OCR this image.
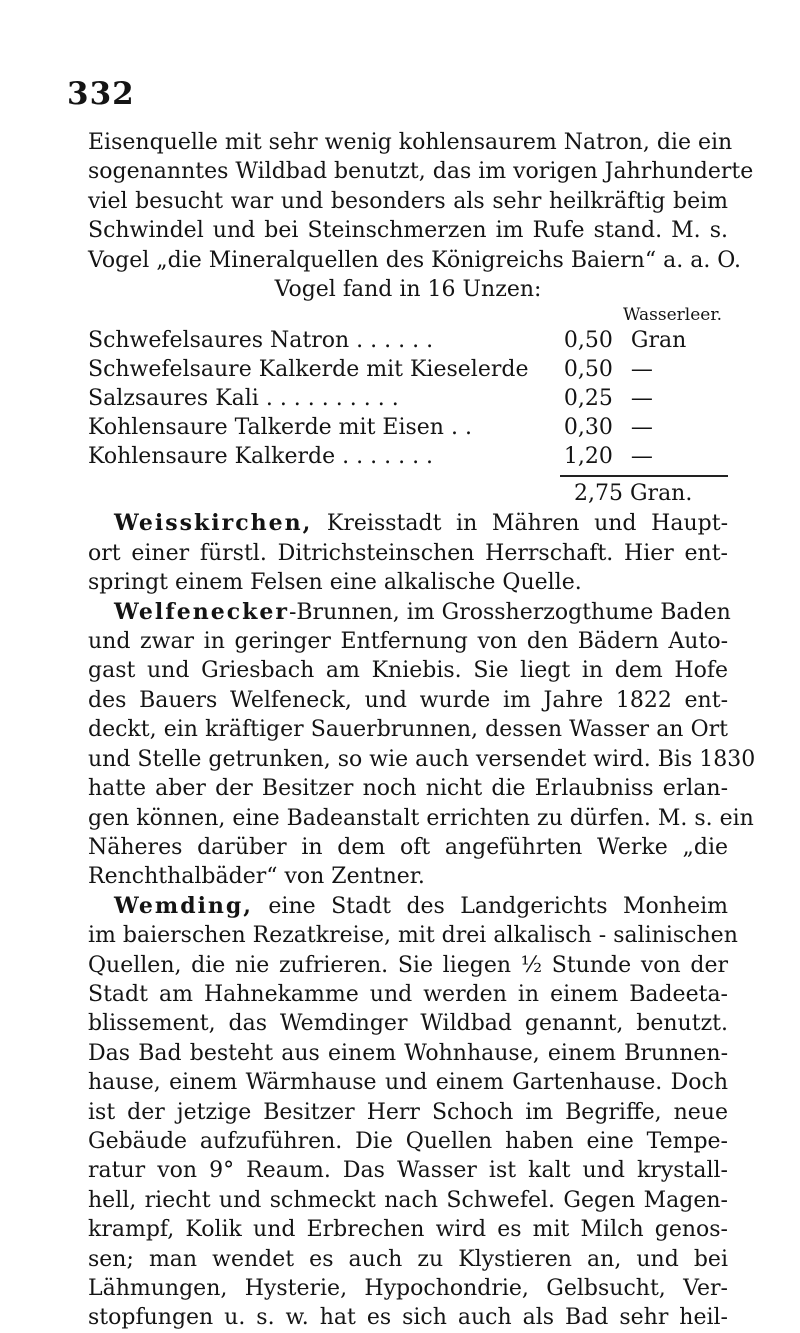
332
Eisenquelle mit sehr wenig kohlensaurem Natron, die ein
sogenanntes Wildbad benutzt, das im vorigen Jahrhunderte
viel besucht war und besonders als sehr heilkräftig beim
Schwindel und bei Steinschmerzen im Rufe stand. M. s.
Vogel „die Mineralquellen des Königreichs Baiern“ a. a. O.
Vogel fand in 16 Unzen:
Wasserleer.
Schwefelsaures Natron . . . . . .	0,50	Gran
Schwefelsaure Kalkerde mit Kieselerde	0,50	—
Salzsaures Kali . . . . . . . . . .	0,25	—
Kohlensaure Talkerde mit Eisen . .	0,30	—
Kohlensaure Kalkerde . . . . . . .	1,20	—
2,75 Gran.
Weisskirchen, Kreisstadt in Mähren und Haupt-
ort einer fürstl. Ditrichsteinschen Herrschaft. Hier ent-
springt einem Felsen eine alkalische Quelle.
Welfenecker-Brunnen, im Grossherzogthume Baden
und zwar in geringer Entfernung von den Bädern Auto-
gast und Griesbach am Kniebis. Sie liegt in dem Hofe
des Bauers Welfeneck, und wurde im Jahre 1822 ent-
deckt, ein kräftiger Sauerbrunnen, dessen Wasser an Ort
und Stelle getrunken, so wie auch versendet wird. Bis 1830
hatte aber der Besitzer noch nicht die Erlaubniss erlan-
gen können, eine Badeanstalt errichten zu dürfen. M. s. ein
Näheres darüber in dem oft angeführten Werke „die
Renchthalbäder“ von Zentner.
Wemding, eine Stadt des Landgerichts Monheim
im baierschen Rezatkreise, mit drei alkalisch - salinischen
Quellen, die nie zufrieren. Sie liegen ½ Stunde von der
Stadt am Hahnekamme und werden in einem Badeeta-
blissement, das Wemdinger Wildbad genannt, benutzt.
Das Bad besteht aus einem Wohnhause, einem Brunnen-
hause, einem Wärmhause und einem Gartenhause. Doch
ist der jetzige Besitzer Herr Schoch im Begriffe, neue
Gebäude aufzuführen. Die Quellen haben eine Tempe-
ratur von 9° Reaum. Das Wasser ist kalt und krystall-
hell, riecht und schmeckt nach Schwefel. Gegen Magen-
krampf, Kolik und Erbrechen wird es mit Milch genos-
sen; man wendet es auch zu Klystieren an, und bei
Lähmungen, Hysterie, Hypochondrie, Gelbsucht, Ver-
stopfungen u. s. w. hat es sich auch als Bad sehr heil-
